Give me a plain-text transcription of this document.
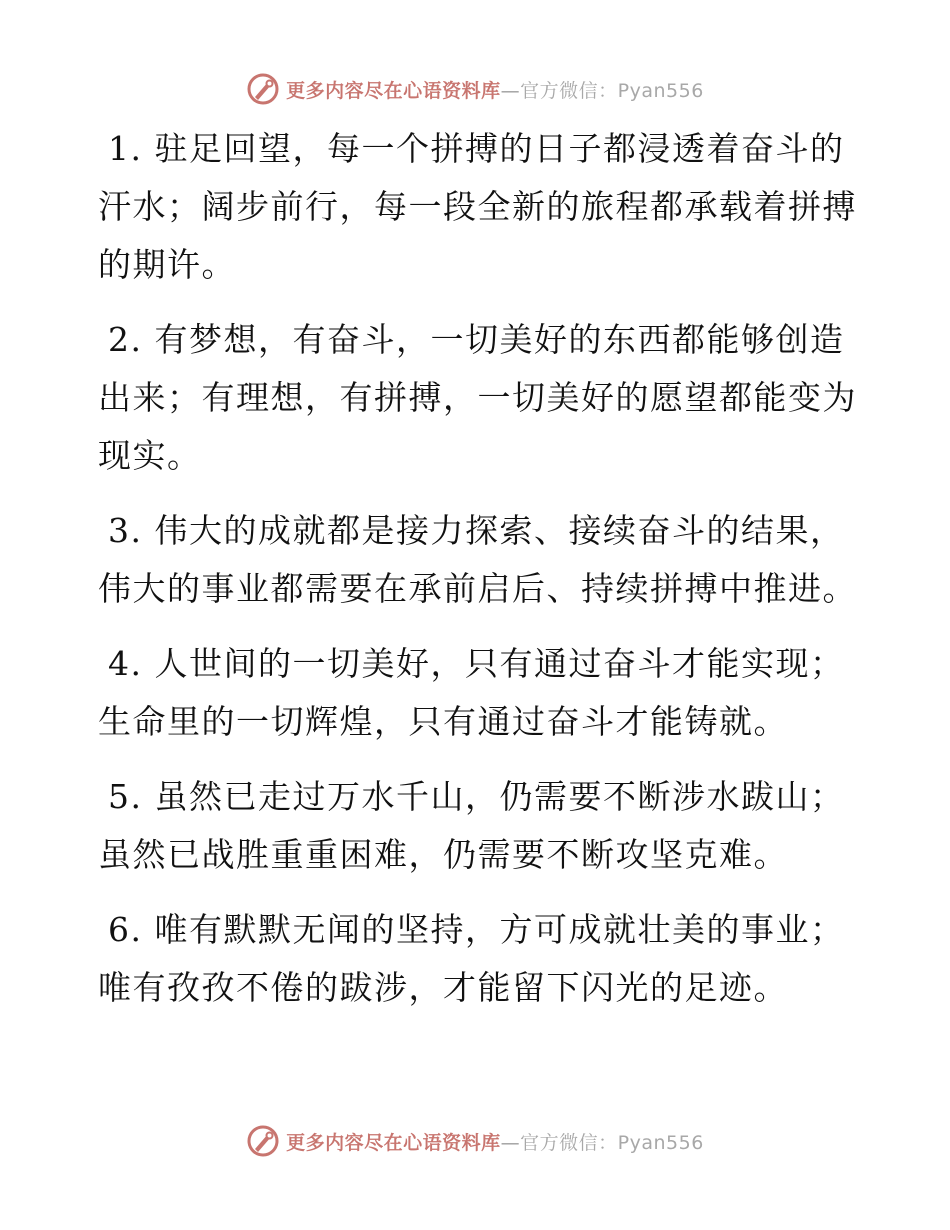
更多内容尽在心语资料库—官方微信：Pyan556

1. 驻足回望，每一个拼搏的日子都浸透着奋斗的汗水；阔步前行，每一段全新的旅程都承载着拼搏的期许。

2. 有梦想，有奋斗，一切美好的东西都能够创造出来；有理想，有拼搏，一切美好的愿望都能变为现实。

3. 伟大的成就都是接力探索、接续奋斗的结果，伟大的事业都需要在承前启后、持续拼搏中推进。

4. 人世间的一切美好，只有通过奋斗才能实现；生命里的一切辉煌，只有通过奋斗才能铸就。

5. 虽然已走过万水千山，仍需要不断涉水跋山；虽然已战胜重重困难，仍需要不断攻坚克难。

6. 唯有默默无闻的坚持，方可成就壮美的事业；唯有孜孜不倦的跋涉，才能留下闪光的足迹。

更多内容尽在心语资料库—官方微信：Pyan556
